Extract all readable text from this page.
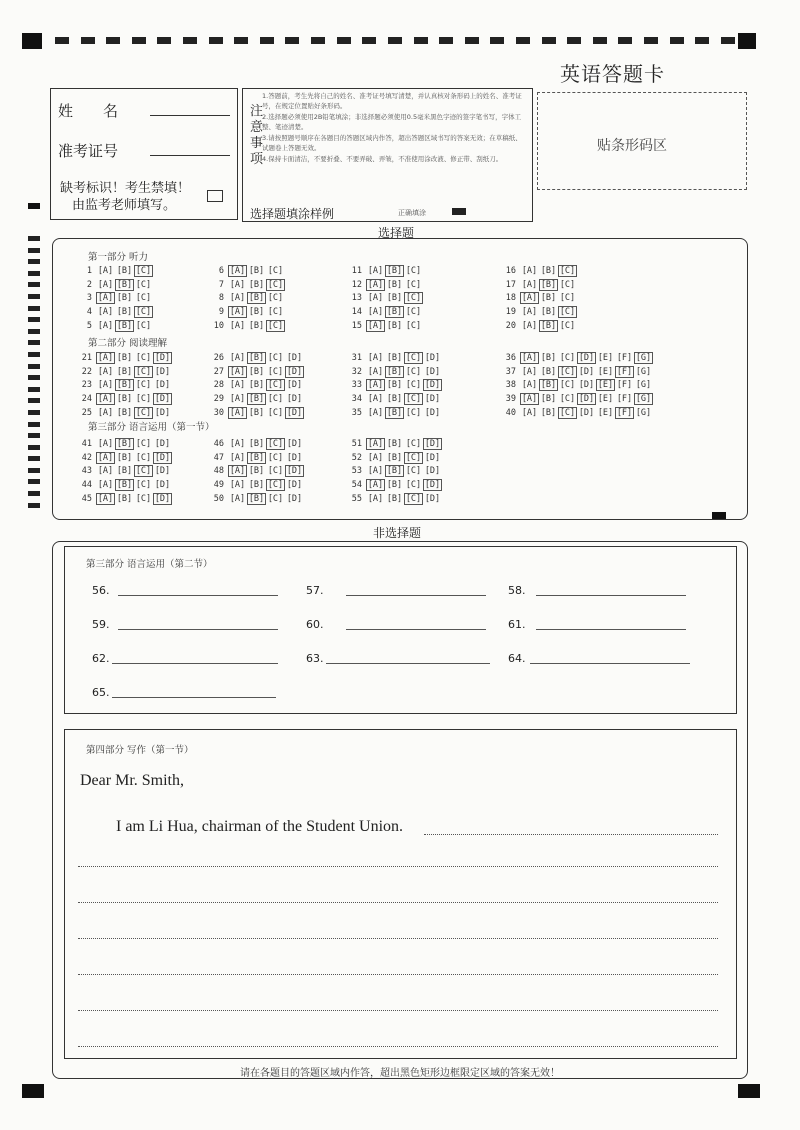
英语答题卡
姓　　名
准考证号
缺考标识！考生禁填！
由监考老师填写。
注意事项
1.答题前，考生先将自己的姓名、准考证号填写清楚，并认真核对条形码上的姓名、准考证号，在规定位置贴好条形码。
2.选择题必须使用2B铅笔填涂；非选择题必须使用0.5毫米黑色字迹的签字笔书写，字体工整、笔迹清楚。
3.请按照题号顺序在各题目的答题区域内作答，超出答题区域书写的答案无效；在草稿纸、试题卷上答题无效。
4.保持卡面清洁，不要折叠、不要弄破、弄皱，不准使用涂改液、修正带、刮纸刀。
选择题填涂样例	正确填涂
贴条形码区
选择题
第一部分 听力
第二部分 阅读理解
第三部分 语言运用（第一节）
1 [A] [B] [C]
2 [A] [B] [C]
3 [A] [B] [C]
4 [A] [B] [C]
5 [A] [B] [C]
6 [A] [B] [C]
7 [A] [B] [C]
8 [A] [B] [C]
9 [A] [B] [C]
10 [A] [B] [C]
11 [A] [B] [C]
12 [A] [B] [C]
13 [A] [B] [C]
14 [A] [B] [C]
15 [A] [B] [C]
16 [A] [B] [C]
17 [A] [B] [C]
18 [A] [B] [C]
19 [A] [B] [C]
20 [A] [B] [C]
21 [A] [B] [C] [D]
22 [A] [B] [C] [D]
23 [A] [B] [C] [D]
24 [A] [B] [C] [D]
25 [A] [B] [C] [D]
26 [A] [B] [C] [D]
27 [A] [B] [C] [D]
28 [A] [B] [C] [D]
29 [A] [B] [C] [D]
30 [A] [B] [C] [D]
31 [A] [B] [C] [D]
32 [A] [B] [C] [D]
33 [A] [B] [C] [D]
34 [A] [B] [C] [D]
35 [A] [B] [C] [D]
36 [A] [B] [C] [D] [E] [F] [G]
37 [A] [B] [C] [D] [E] [F] [G]
38 [A] [B] [C] [D] [E] [F] [G]
39 [A] [B] [C] [D] [E] [F] [G]
40 [A] [B] [C] [D] [E] [F] [G]
41 [A] [B] [C] [D]
42 [A] [B] [C] [D]
43 [A] [B] [C] [D]
44 [A] [B] [C] [D]
45 [A] [B] [C] [D]
46 [A] [B] [C] [D]
47 [A] [B] [C] [D]
48 [A] [B] [C] [D]
49 [A] [B] [C] [D]
50 [A] [B] [C] [D]
51 [A] [B] [C] [D]
52 [A] [B] [C] [D]
53 [A] [B] [C] [D]
54 [A] [B] [C] [D]
55 [A] [B] [C] [D]
非选择题
第三部分 语言运用（第二节）
56.	57.	58.
59.	60.	61.
62.	63.	64.
65.
第四部分 写作（第一节）
Dear Mr. Smith,
I am Li Hua, chairman of the Student Union.
请在各题目的答题区域内作答，超出黑色矩形边框限定区域的答案无效！
